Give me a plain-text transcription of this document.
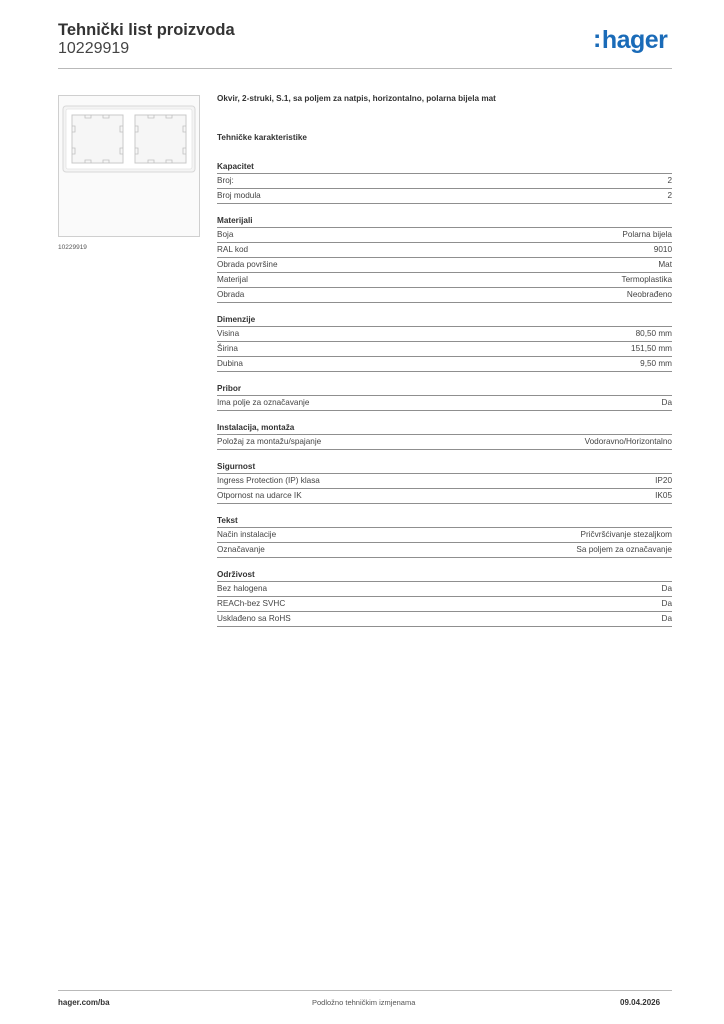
Tehnički list proizvoda
10229919	:hager
10229919
Okvir, 2-struki, S.1, sa poljem za natpis, horizontalno, polarna bijela mat
Tehničke karakteristike
Kapacitet
Broj:	2
Broj modula	2
Materijali
Boja	Polarna bijela
RAL kod	9010
Obrada površine	Mat
Materijal	Termoplastika
Obrada	Neobrađeno
Dimenzije
Visina	80,50 mm
Širina	151,50 mm
Dubina	9,50 mm
Pribor
Ima polje za označavanje	Da
Instalacija, montaža
Položaj za montažu/spajanje	Vodoravno/Horizontalno
Sigurnost
Ingress Protection (IP) klasa	IP20
Otpornost na udarce IK	IK05
Tekst
Način instalacije	Pričvršćivanje stezaljkom
Označavanje	Sa poljem za označavanje
Održivost
Bez halogena	Da
REACh-bez SVHC	Da
Usklađeno sa RoHS	Da
hager.com/ba	Podložno tehničkim izmjenama	09.04.2026
